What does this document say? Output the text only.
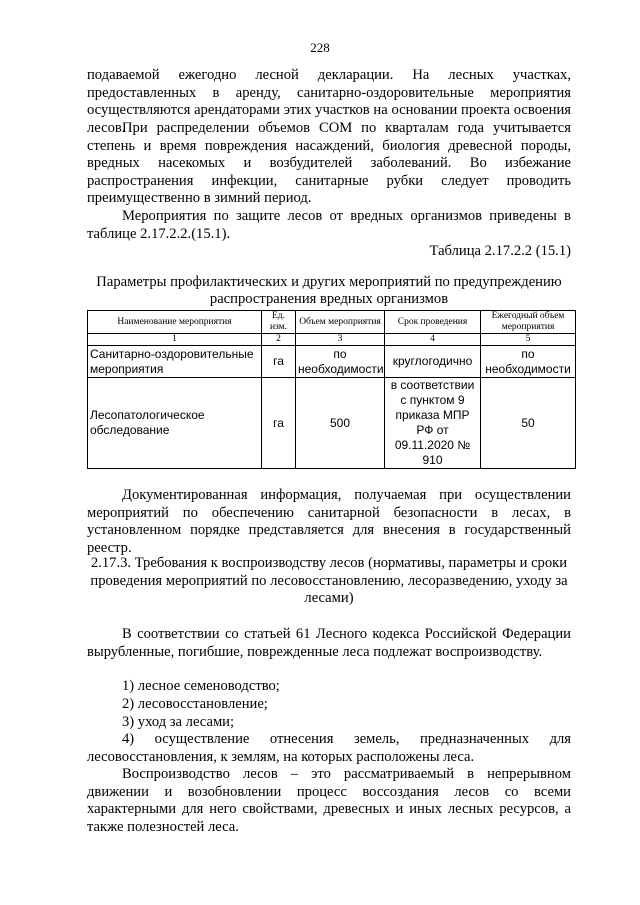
228

подаваемой ежегодно лесной декларации. На лесных участках, предоставленных в аренду, санитарно-оздоровительные мероприятия осуществляются арендаторами этих участков на основании проекта освоения лесов.

При распределении объемов СОМ по кварталам года учитывается степень и время повреждения насаждений, биология древесной породы, вредных насекомых и возбудителей заболеваний. Во избежание распространения инфекции, санитарные рубки следует проводить преимущественно в зимний период.

Мероприятия по защите лесов от вредных организмов приведены в таблице 2.17.2.2.(15.1).

Таблица 2.17.2.2 (15.1)
Параметры профилактических и других мероприятий по предупреждению распространения вредных организмов
Наименование мероприятия	Ед. изм.	Объем мероприятия	Срок проведения	Ежегодный объем мероприятия
1	2	3	4	5
Санитарно-оздоровительные мероприятия	га	по необходимости	круглогодично	по необходимости
Лесопатологическое обследование	га	500	в соответствии с пунктом 9 приказа МПР РФ от 09.11.2020 № 910	50

Документированная информация, получаемая при осуществлении мероприятий по обеспечению санитарной безопасности в лесах, в установленном порядке представляется для внесения в государственный реестр.

2.17.3. Требования к воспроизводству лесов (нормативы, параметры и сроки проведения мероприятий по лесовосстановлению, лесоразведению, уходу за лесами)

В соответствии со статьей 61 Лесного кодекса Российской Федерации вырубленные, погибшие, поврежденные леса подлежат воспроизводству.

1) лесное семеноводство;
2) лесовосстановление;
3) уход за лесами;

4) осуществление отнесения земель, предназначенных для лесовосстановления, к землям, на которых расположены леса.

Воспроизводство лесов – это рассматриваемый в непрерывном движении и возобновлении процесс воссоздания лесов со всеми характерными для него свойствами, древесных и иных лесных ресурсов, а также полезностей леса.
